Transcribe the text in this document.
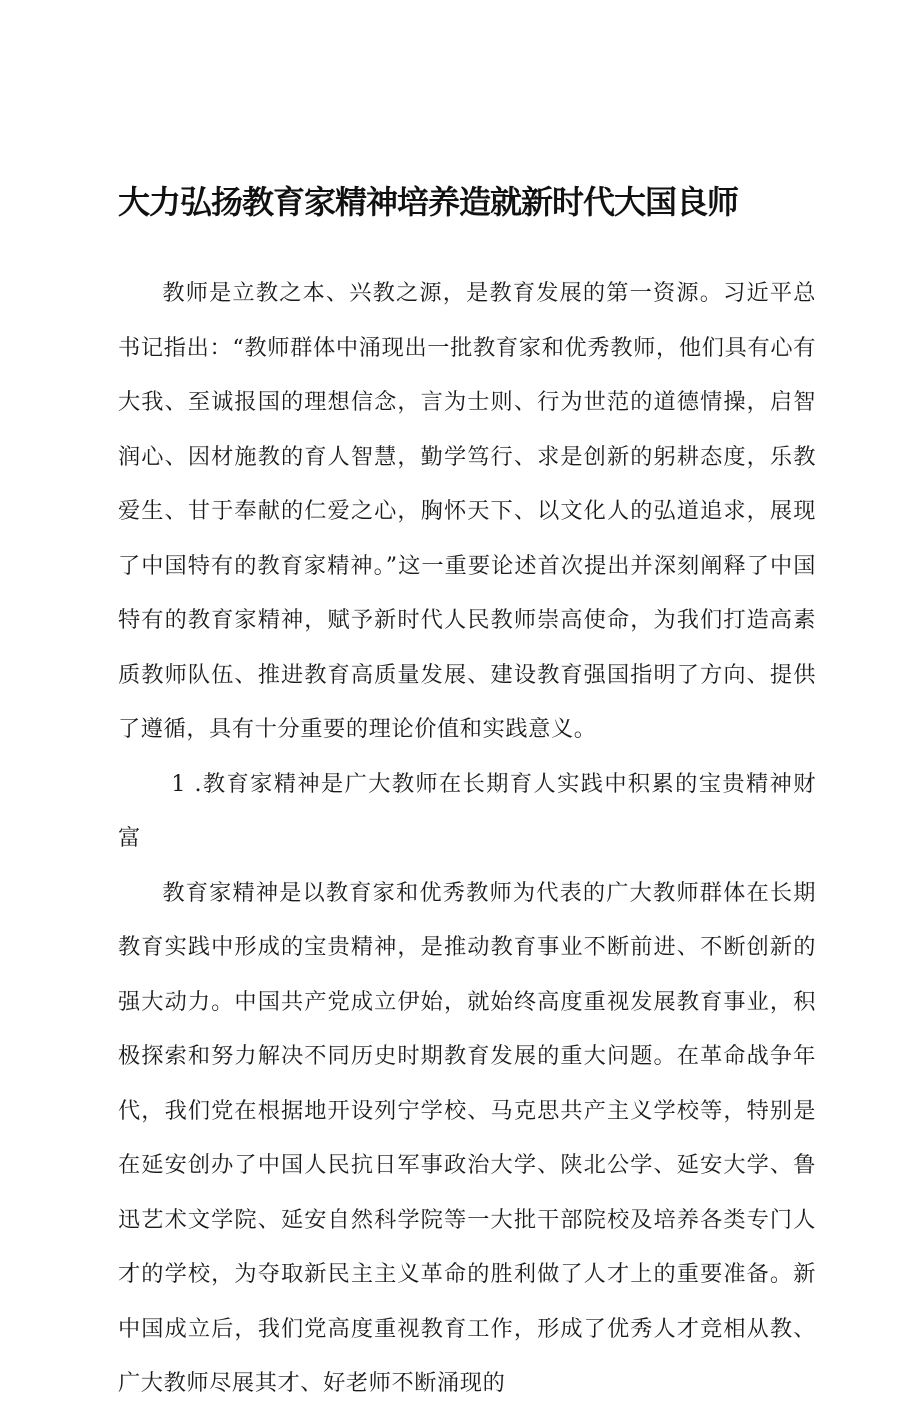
大力弘扬教育家精神培养造就新时代大国良师

教师是立教之本、兴教之源，是教育发展的第一资源。习近平总书记指出：“教师群体中涌现出一批教育家和优秀教师，他们具有心有大我、至诚报国的理想信念，言为士则、行为世范的道德情操，启智润心、因材施教的育人智慧，勤学笃行、求是创新的躬耕态度，乐教爱生、甘于奉献的仁爱之心，胸怀天下、以文化人的弘道追求，展现了中国特有的教育家精神。”这一重要论述首次提出并深刻阐释了中国特有的教育家精神，赋予新时代人民教师崇高使命，为我们打造高素质教师队伍、推进教育高质量发展、建设教育强国指明了方向、提供了遵循，具有十分重要的理论价值和实践意义。

1 .教育家精神是广大教师在长期育人实践中积累的宝贵精神财富

教育家精神是以教育家和优秀教师为代表的广大教师群体在长期教育实践中形成的宝贵精神，是推动教育事业不断前进、不断创新的强大动力。中国共产党成立伊始，就始终高度重视发展教育事业，积极探索和努力解决不同历史时期教育发展的重大问题。在革命战争年代，我们党在根据地开设列宁学校、马克思共产主义学校等，特别是在延安创办了中国人民抗日军事政治大学、陕北公学、延安大学、鲁迅艺术文学院、延安自然科学院等一大批干部院校及培养各类专门人才的学校，为夺取新民主主义革命的胜利做了人才上的重要准备。新中国成立后，我们党高度重视教育工作，形成了优秀人才竞相从教、广大教师尽展其才、好老师不断涌现的
